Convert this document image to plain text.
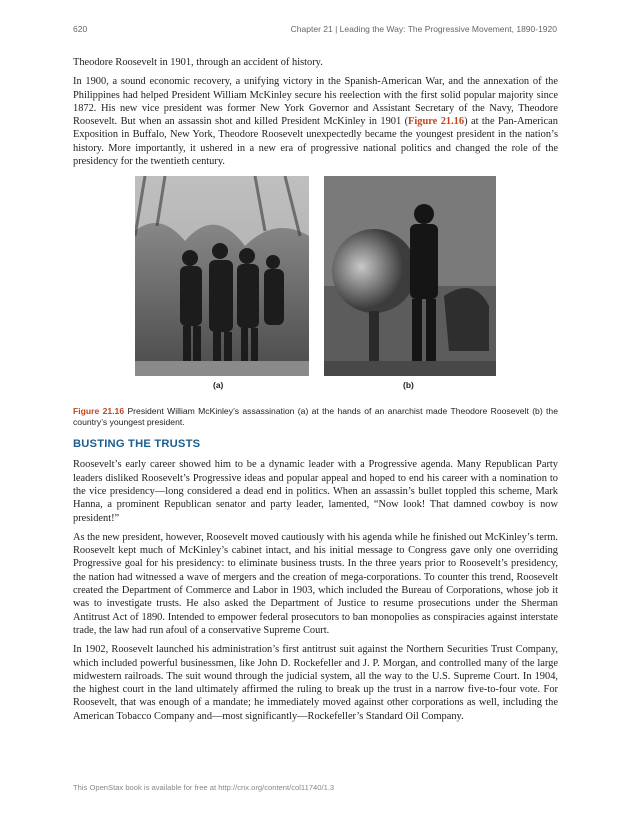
620	Chapter 21 | Leading the Way: The Progressive Movement, 1890-1920

Theodore Roosevelt in 1901, through an accident of history.

In 1900, a sound economic recovery, a unifying victory in the Spanish-American War, and the annexation of the Philippines had helped President William McKinley secure his reelection with the first solid popular majority since 1872. His new vice president was former New York Governor and Assistant Secretary of the Navy, Theodore Roosevelt. But when an assassin shot and killed President McKinley in 1901 (Figure 21.16) at the Pan-American Exposition in Buffalo, New York, Theodore Roosevelt unexpectedly became the youngest president in the nation’s history. More importantly, it ushered in a new era of progressive national politics and changed the role of the presidency for the twentieth century.

(a)	(b)

Figure 21.16 President William McKinley’s assassination (a) at the hands of an anarchist made Theodore Roosevelt (b) the country’s youngest president.

BUSTING THE TRUSTS

Roosevelt’s early career showed him to be a dynamic leader with a Progressive agenda. Many Republican Party leaders disliked Roosevelt’s Progressive ideas and popular appeal and hoped to end his career with a nomination to the vice presidency—long considered a dead end in politics. When an assassin’s bullet toppled this scheme, Mark Hanna, a prominent Republican senator and party leader, lamented, “Now look! That damned cowboy is now president!”

As the new president, however, Roosevelt moved cautiously with his agenda while he finished out McKinley’s term. Roosevelt kept much of McKinley’s cabinet intact, and his initial message to Congress gave only one overriding Progressive goal for his presidency: to eliminate business trusts. In the three years prior to Roosevelt’s presidency, the nation had witnessed a wave of mergers and the creation of mega-corporations. To counter this trend, Roosevelt created the Department of Commerce and Labor in 1903, which included the Bureau of Corporations, whose job it was to investigate trusts. He also asked the Department of Justice to resume prosecutions under the Sherman Antitrust Act of 1890. Intended to empower federal prosecutors to ban monopolies as conspiracies against interstate trade, the law had run afoul of a conservative Supreme Court.

In 1902, Roosevelt launched his administration’s first antitrust suit against the Northern Securities Trust Company, which included powerful businessmen, like John D. Rockefeller and J. P. Morgan, and controlled many of the large midwestern railroads. The suit wound through the judicial system, all the way to the U.S. Supreme Court. In 1904, the highest court in the land ultimately affirmed the ruling to break up the trust in a narrow five-to-four vote. For Roosevelt, that was enough of a mandate; he immediately moved against other corporations as well, including the American Tobacco Company and—most significantly—Rockefeller’s Standard Oil Company.

This OpenStax book is available for free at http://cnx.org/content/col11740/1.3
